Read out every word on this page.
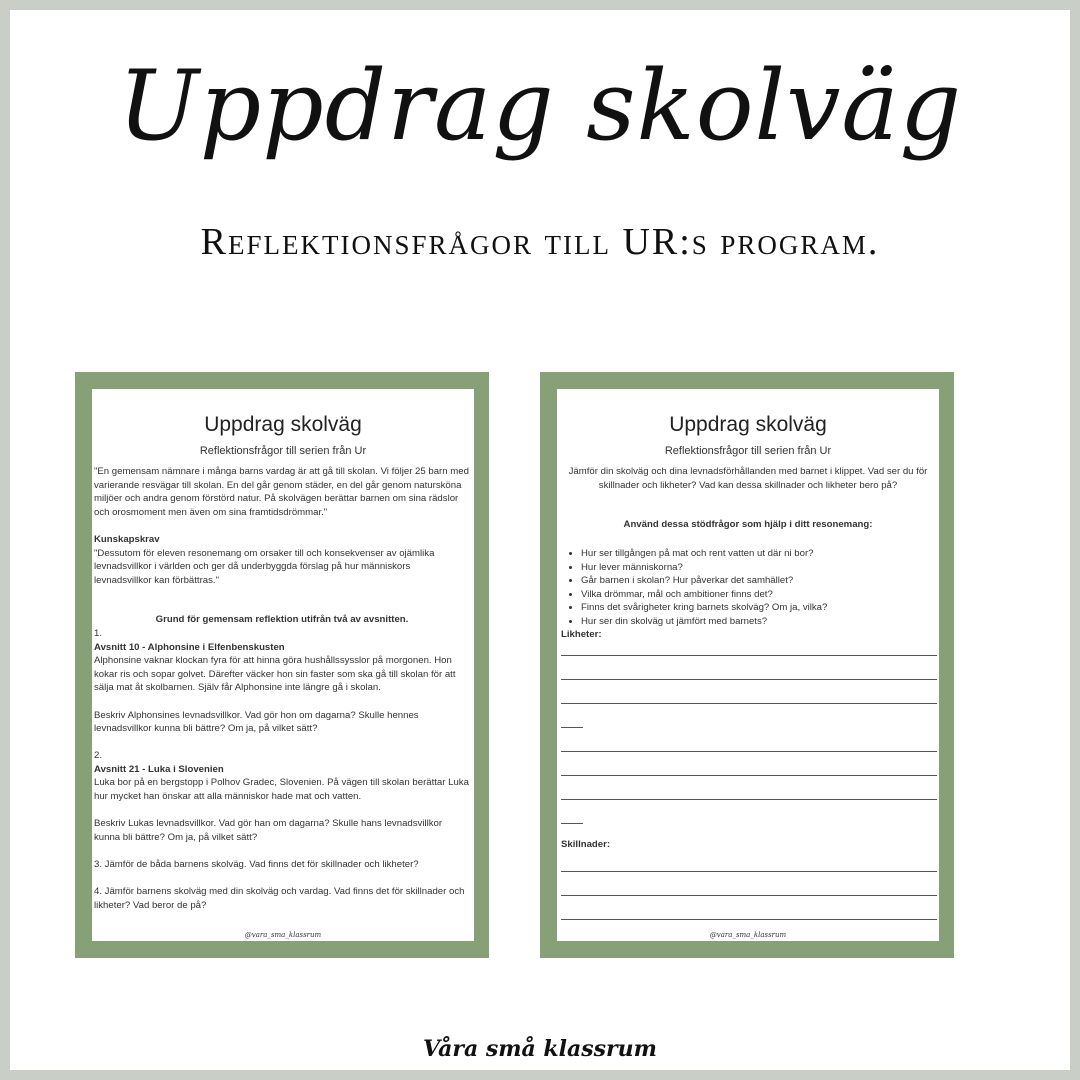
Uppdrag skolväg
Reflektionsfrågor till UR:s program.
Uppdrag skolväg
Reflektionsfrågor till serien från Ur

"En gemensam nämnare i många barns vardag är att gå till skolan. Vi följer 25 barn med varierande resvägar till skolan. En del går genom städer, en del går genom natursköna miljöer och andra genom förstörd natur. På skolvägen berättar barnen om sina rädslor och orosmoment men även om sina framtidsdrömmar."

Kunskapskrav

"Dessutom för eleven resonemang om orsaker till och konsekvenser av ojämlika levnadsvillkor i världen och ger då underbyggda förslag på hur människors levnadsvillkor kan förbättras."

Grund för gemensam reflektion utifrån två av avsnitten.

1.

Avsnitt 10 - Alphonsine i Elfenbenskusten

Alphonsine vaknar klockan fyra för att hinna göra hushållssysslor på morgonen. Hon kokar ris och sopar golvet. Därefter väcker hon sin faster som ska gå till skolan för att sälja mat åt skolbarnen. Själv får Alphonsine inte längre gå i skolan.

Beskriv Alphonsines levnadsvillkor. Vad gör hon om dagarna? Skulle hennes levnadsvillkor kunna bli bättre? Om ja, på vilket sätt?

2.

Avsnitt 21 - Luka i Slovenien

Luka bor på en bergstopp i Polhov Gradec, Slovenien. På vägen till skolan berättar Luka hur mycket han önskar att alla människor hade mat och vatten.

Beskriv Lukas levnadsvillkor. Vad gör han om dagarna? Skulle hans levnadsvillkor kunna bli bättre? Om ja, på vilket sätt?

3. Jämför de båda barnens skolväg. Vad finns det för skillnader och likheter?

4. Jämför barnens skolväg med din skolväg och vardag. Vad finns det för skillnader och likheter? Vad beror de på?

@vara_sma_klassrum
Uppdrag skolväg
Reflektionsfrågor till serien från Ur
Jämför din skolväg och dina levnadsförhållanden med barnet i klippet. Vad ser du för skillnader och likheter? Vad kan dessa skillnader och likheter bero på?
Använd dessa stödfrågor som hjälp i ditt resonemang:
• Hur ser tillgången på mat och rent vatten ut där ni bor?
• Hur lever människorna?
• Går barnen i skolan? Hur påverkar det samhället?
• Vilka drömmar, mål och ambitioner finns det?
• Finns det svårigheter kring barnets skolväg? Om ja, vilka?
• Hur ser din skolväg ut jämfört med barnets?
Likheter:
Skillnader:
@vara_sma_klassrum
Våra små klassrum
